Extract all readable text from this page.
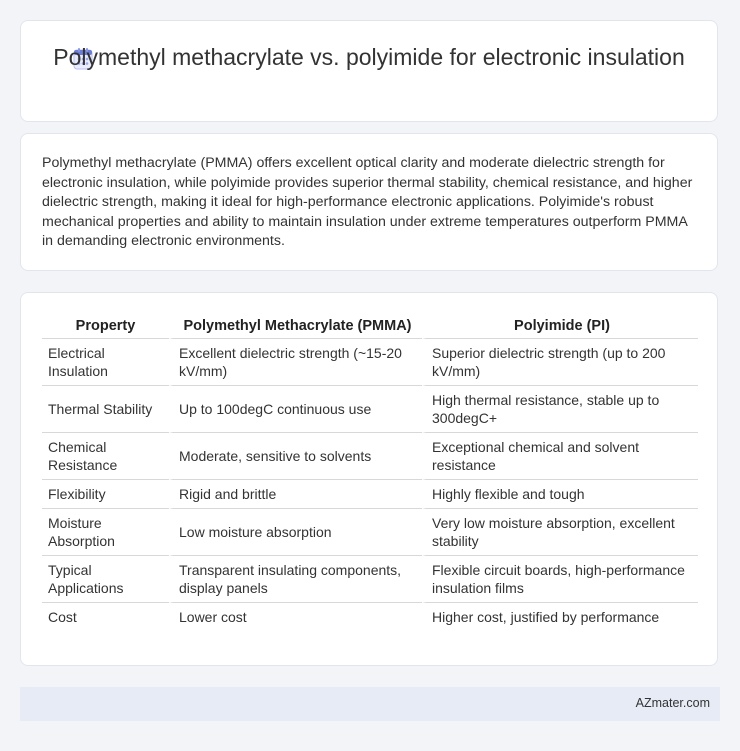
Polymethyl methacrylate vs. polyimide for electronic insulation
Polymethyl methacrylate (PMMA) offers excellent optical clarity and moderate dielectric strength for electronic insulation, while polyimide provides superior thermal stability, chemical resistance, and higher dielectric strength, making it ideal for high-performance electronic applications. Polyimide's robust mechanical properties and ability to maintain insulation under extreme temperatures outperform PMMA in demanding electronic environments.
Property	Polymethyl Methacrylate (PMMA)	Polyimide (PI)
Electrical Insulation	Excellent dielectric strength (~15-20 kV/mm)	Superior dielectric strength (up to 200 kV/mm)
Thermal Stability	Up to 100degC continuous use	High thermal resistance, stable up to 300degC+
Chemical Resistance	Moderate, sensitive to solvents	Exceptional chemical and solvent resistance
Flexibility	Rigid and brittle	Highly flexible and tough
Moisture Absorption	Low moisture absorption	Very low moisture absorption, excellent stability
Typical Applications	Transparent insulating components, display panels	Flexible circuit boards, high-performance insulation films
Cost	Lower cost	Higher cost, justified by performance
AZmater.com
